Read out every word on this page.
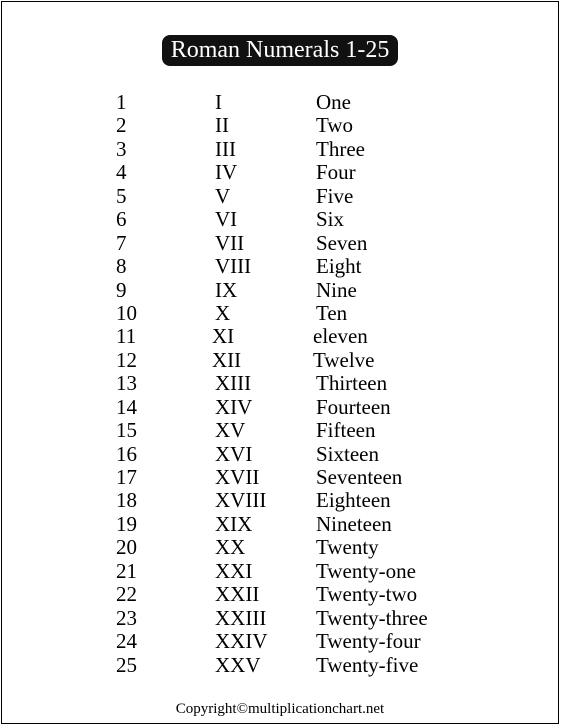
Roman Numerals 1-25
1	I	One
2	II	Two
3	III	Three
4	IV	Four
5	V	Five
6	VI	Six
7	VII	Seven
8	VIII	Eight
9	IX	Nine
10	X	Ten
11	XI	eleven
12	XII	Twelve
13	XIII	Thirteen
14	XIV	Fourteen
15	XV	Fifteen
16	XVI	Sixteen
17	XVII	Seventeen
18	XVIII Eighteen
19	XIX	Nineteen
20	XX	Twenty
21	XXI	Twenty-one
22	XXII	Twenty-two
23	XXIII Twenty-three
24	XXIV Twenty-four
25	XXV	Twenty-five
Copyright©multiplicationchart.net
